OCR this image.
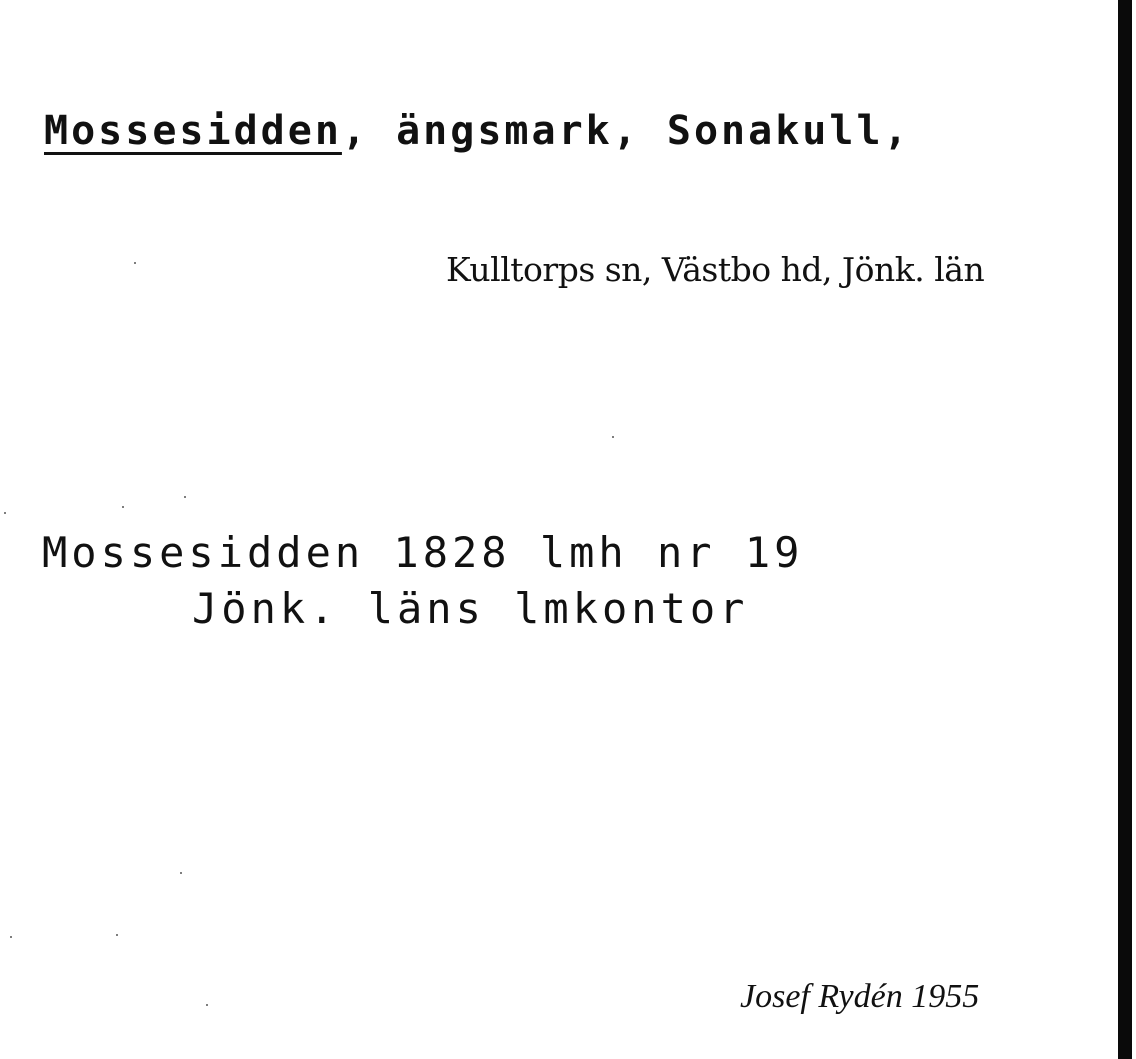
Mossesidden, ängsmark, Sonakull,
Kulltorps sn, Västbo hd, Jönk. län
Mossesidden 1828 lmh nr 19
Jönk. läns lmkontor
Josef Rydén 1955
